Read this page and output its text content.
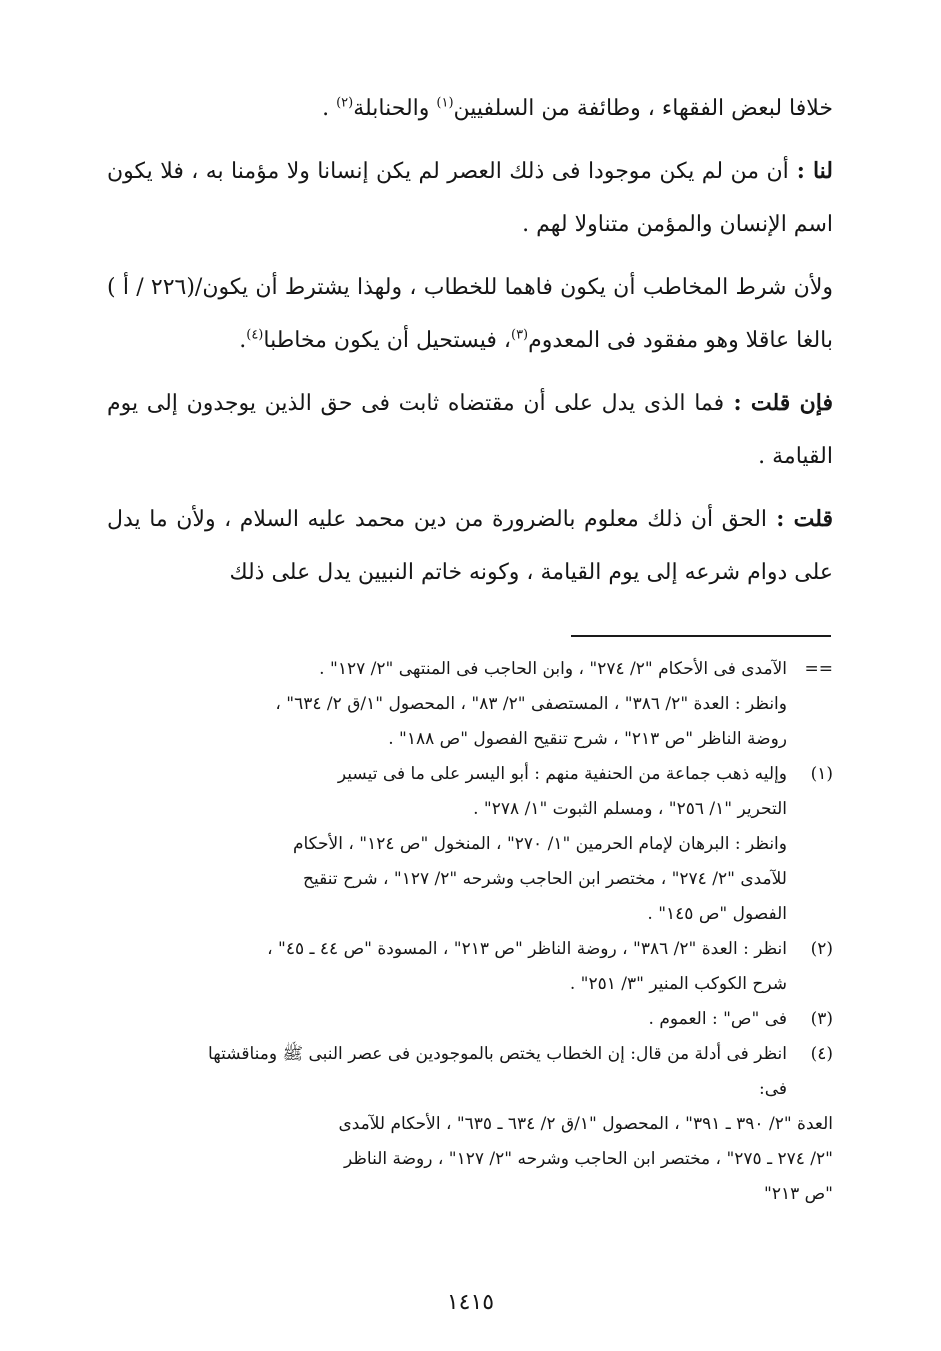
خلافا لبعض الفقهاء ، وطائفة من السلفيين$^{(١)}$ والحنابلة$^{(٢)}$ .

لنا : أن من لم يكن موجودا فى ذلك العصر لم يكن إنسانا ولا مؤمنا به ، فلا يكون اسم الإنسان والمؤمن متناولا لهم .

ولأن شرط المخاطب أن يكون فاهما للخطاب ، ولهذا يشترط أن يكون/(٢٢٦ / أ ) بالغا عاقلا وهو مفقود فى المعدوم$^{(٣)}$، فيستحيل أن يكون مخاطبا$^{(٤)}$.

فإن قلت : فما الذى يدل على أن مقتضاه ثابت فى حق الذين يوجدون إلى يوم القيامة .

قلت : الحق أن ذلك معلوم بالضرورة من دين محمد عليه السلام ، ولأن ما يدل على دوام شرعه إلى يوم القيامة ، وكونه خاتم النبيين يدل على ذلك

==
الآمدى فى الأحكام "٢/ ٢٧٤" ، وابن الحاجب فى المنتهى "٢/ ١٢٧" .
وانظر : العدة "٢/ ٣٨٦" ، المستصفى "٢/ ٨٣" ، المحصول "١/ق ٢/ ٦٣٤" ،
روضة الناظر "ص ٢١٣" ، شرح تنقيح الفصول "ص ١٨٨" .
(١)
وإليه ذهب جماعة من الحنفية منهم : أبو اليسر على ما فى تيسير
التحرير "١/ ٢٥٦" ، ومسلم الثبوت "١/ ٢٧٨" .
وانظر : البرهان لإمام الحرمين "١/ ٢٧٠" ، المنخول "ص ١٢٤" ، الأحكام
للآمدى "٢/ ٢٧٤" ، مختصر ابن الحاجب وشرحه "٢/ ١٢٧" ، شرح تنقيح
الفصول "ص ١٤٥" .
(٢)
انظر : العدة "٢/ ٣٨٦" ، روضة الناظر "ص ٢١٣" ، المسودة "ص ٤٤ ـ ٤٥" ،
شرح الكوكب المنير "٣/ ٢٥١" .
(٣)
فى "ص" : العموم .
(٤)
انظر فى أدلة من قال: إن الخطاب يختص بالموجودين فى عصر النبى ﷺ ومناقشتها
فى:
العدة "٢/ ٣٩٠ ـ ٣٩١" ، المحصول "١/ق ٢/ ٦٣٤ ـ ٦٣٥" ، الأحكام للآمدى
"٢/ ٢٧٤ ـ ٢٧٥" ، مختصر ابن الحاجب وشرحه "٢/ ١٢٧" ، روضة الناظر
"ص ٢١٣"
١٤١٥
